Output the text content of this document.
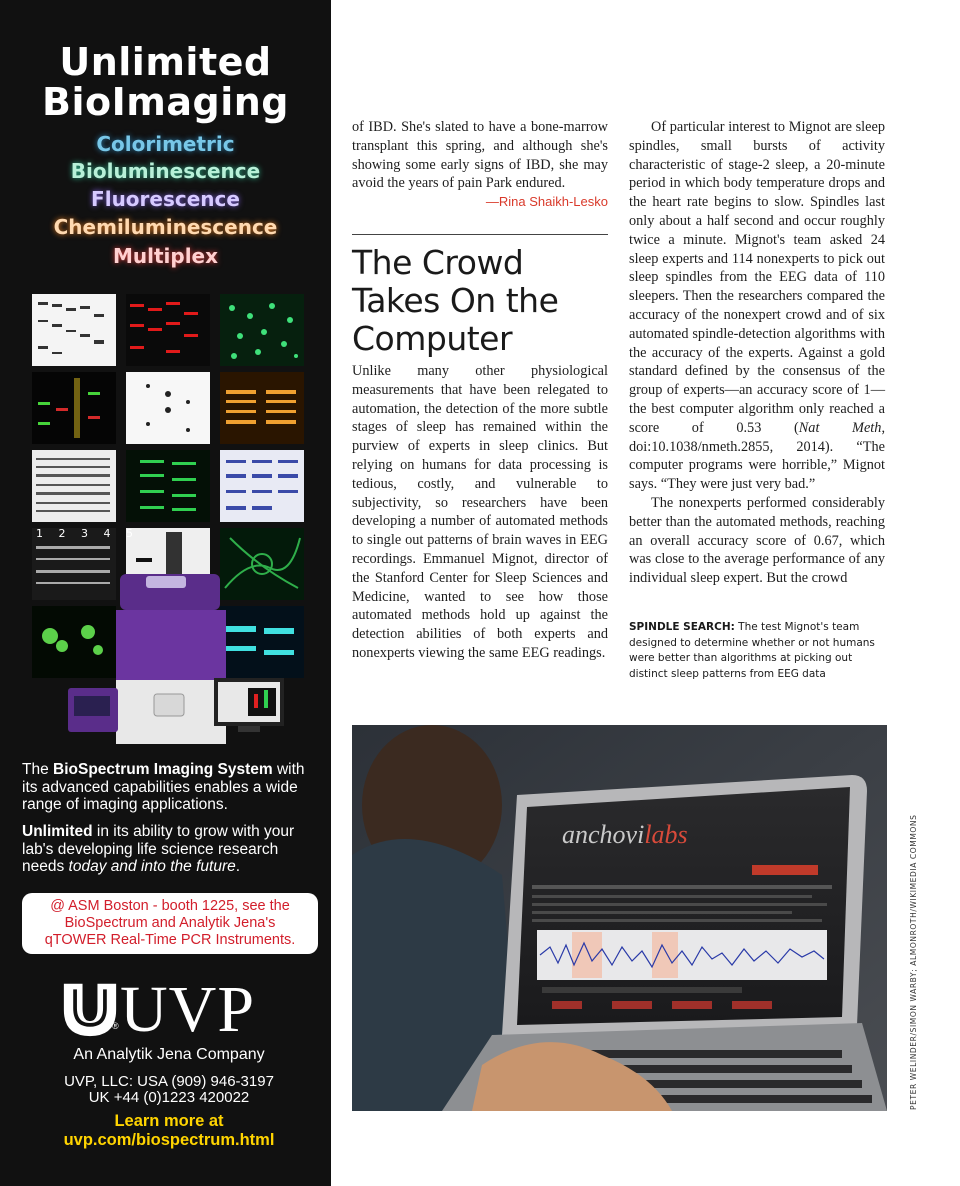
Unlimited
BioImaging
Colorimetric
Bioluminescence
Fluorescence
Chemiluminescence
Multiplex
1 2 3 4 5
The BioSpectrum Imaging System with its advanced capabilities enables a wide range of imaging applications.
Unlimited in its ability to grow with your lab's developing life science research needs today and into the future.
@ ASM Boston - booth 1225, see the
BioSpectrum and Analytik Jena's
qTOWER Real-Time PCR Instruments.
UVP
®
An Analytik Jena Company
UVP, LLC: USA (909) 946-3197
UK +44 (0)1223 420022
Learn more at
uvp.com/biospectrum.html

of IBD. She's slated to have a bone-marrow transplant this spring, and although she's showing some early signs of IBD, she may avoid the years of pain Park endured.

—Rina Shaikh-Lesko
The Crowd Takes On the Computer

Unlike many other physiological measurements that have been relegated to automation, the detection of the more subtle stages of sleep has remained within the purview of experts in sleep clinics. But relying on humans for data processing is tedious, costly, and vulnerable to subjectivity, so researchers have been developing a number of automated methods to single out patterns of brain waves in EEG recordings. Emmanuel Mignot, director of the Stanford Center for Sleep Sciences and Medicine, wanted to see how those automated methods hold up against the detection abilities of both experts and nonexperts viewing the same EEG readings.

Of particular interest to Mignot are sleep spindles, small bursts of activity characteristic of stage-2 sleep, a 20-minute period in which body temperature drops and the heart rate begins to slow. Spindles last only about a half second and occur roughly twice a minute. Mignot's team asked 24 sleep experts and 114 nonexperts to pick out sleep spindles from the EEG data of 110 sleepers. Then the researchers compared the accuracy of the nonexpert crowd and of six automated spindle-detection algorithms with the accuracy of the experts. Against a gold standard defined by the consensus of the group of experts—an accuracy score of 1—the best computer algorithm only reached a score of 0.53 (Nat Meth, doi:10.1038/nmeth.2855, 2014). “The computer programs were horrible,” Mignot says. “They were just very bad.”

The nonexperts performed considerably better than the automated methods, reaching an overall accuracy score of 0.67, which was close to the average performance of any individual sleep expert. But the crowd

SPINDLE SEARCH: The test Mignot's team designed to determine whether or not humans were better than algorithms at picking out distinct sleep patterns from EEG data
anchovilabs	PETER WELINDER/SIMON WARBY; ALMONROTH/WIKIMEDIA COMMONS
